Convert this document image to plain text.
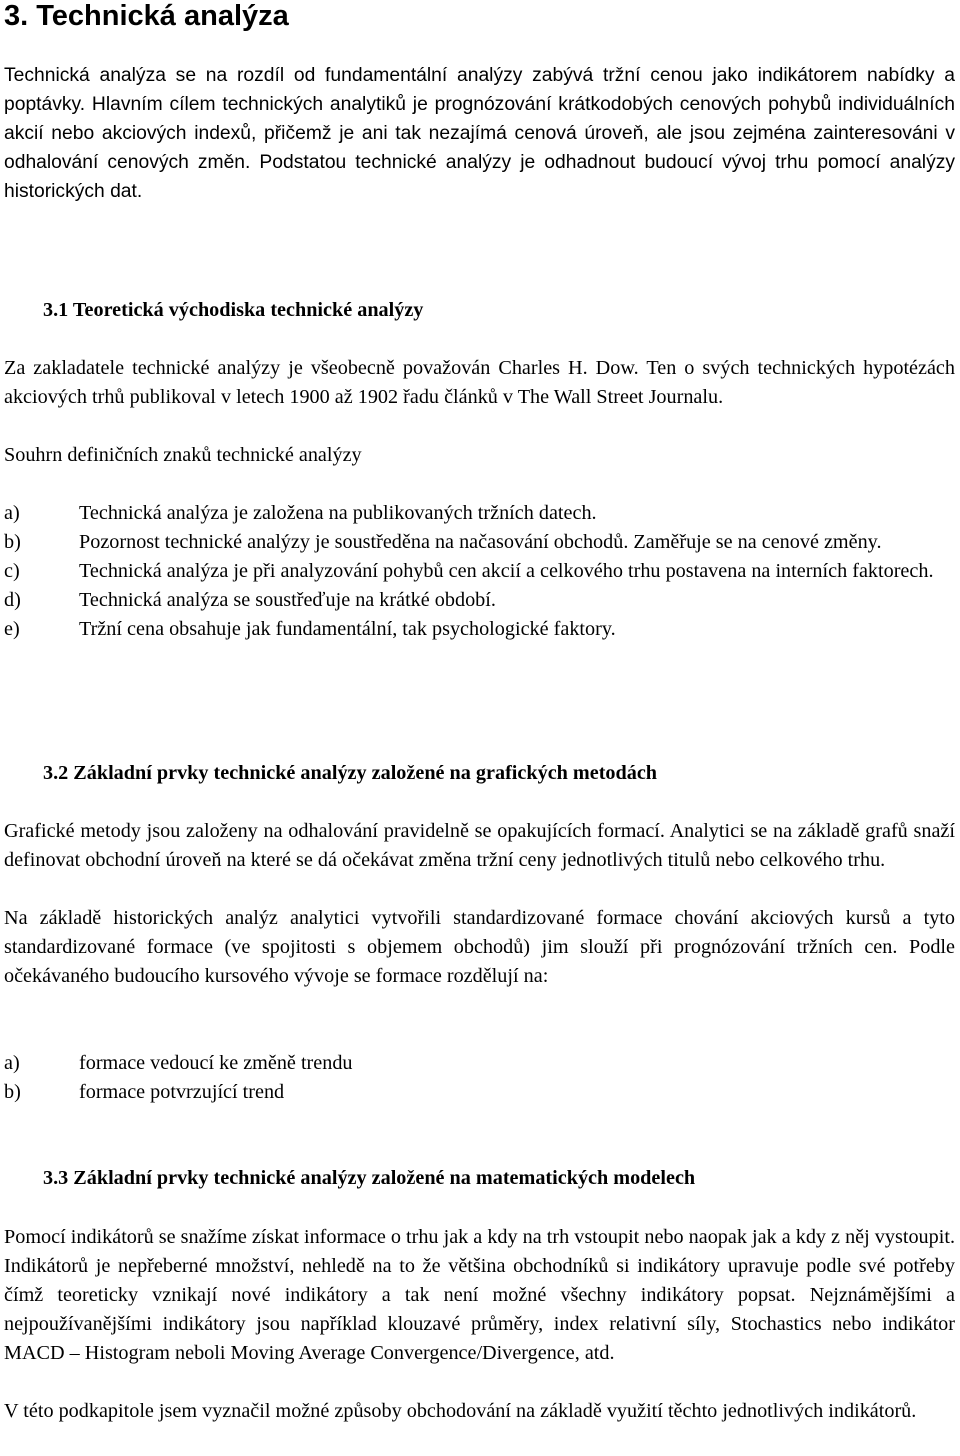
3. Technická analýza

Technická analýza se na rozdíl od fundamentální analýzy zabývá tržní cenou jako indikátorem nabídky a poptávky. Hlavním cílem technických analytiků je prognózování krátkodobých cenových pohybů individuálních akcií nebo akciových indexů, přičemž je ani tak nezajímá cenová úroveň, ale jsou zejména zainteresováni v odhalování cenových změn. Podstatou technické analýzy je odhadnout budoucí vývoj trhu pomocí analýzy historických dat.

3.1 Teoretická východiska technické analýzy

Za zakladatele technické analýzy je všeobecně považován Charles H. Dow. Ten o svých technických hypotézách akciových trhů publikoval v letech 1900 až 1902 řadu článků v The Wall Street Journalu.

Souhrn definičních znaků technické analýzy

a)	Technická analýza je založena na publikovaných tržních datech.
b)	Pozornost technické analýzy je soustředěna na načasování obchodů. Zaměřuje se na cenové změny.
c)	Technická analýza je při analyzování pohybů cen akcií a celkového trhu postavena na interních faktorech.
d)	Technická analýza se soustřeďuje na krátké období.
e)	Tržní cena obsahuje jak fundamentální, tak psychologické faktory.
3.2 Základní prvky technické analýzy založené na grafických metodách

Grafické metody jsou založeny na odhalování pravidelně se opakujících formací. Analytici se na základě grafů snaží definovat obchodní úroveň na které se dá očekávat změna tržní ceny jednotlivých titulů nebo celkového trhu.

Na základě historických analýz analytici vytvořili standardizované formace chování akciových kursů a tyto standardizované formace (ve spojitosti s objemem obchodů) jim slouží při prognózování tržních cen. Podle očekávaného budoucího kursového vývoje se formace rozdělují na:

a)	formace vedoucí ke změně trendu
b)	formace potvrzující trend
3.3 Základní prvky technické analýzy založené na matematických modelech

Pomocí indikátorů se snažíme získat informace o trhu jak a kdy na trh vstoupit nebo naopak jak a kdy z něj vystoupit. Indikátorů je nepřeberné množství, nehledě na to že většina obchodníků si indikátory upravuje podle své potřeby čímž teoreticky vznikají nové indikátory a tak není možné všechny indikátory popsat. Nejznámějšími a nejpoužívanějšími indikátory jsou například klouzavé průměry, index relativní síly, Stochastics nebo indikátor MACD – Histogram neboli Moving Average Convergence/Divergence, atd.

V této podkapitole jsem vyznačil možné způsoby obchodování na základě využití těchto jednotlivých indikátorů.
